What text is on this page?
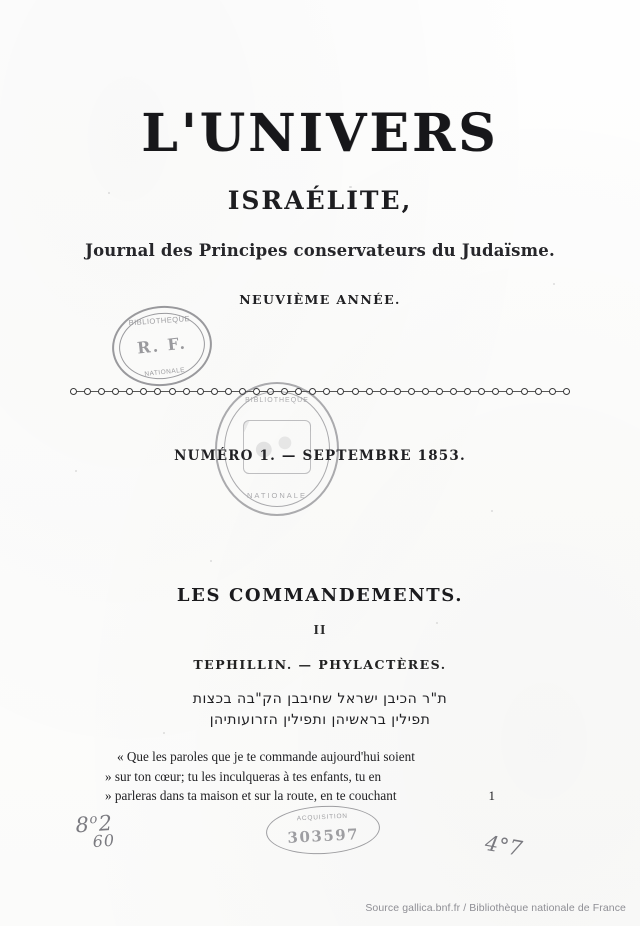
L'UNIVERS
ISRAÉLITE,
Journal des Principes conservateurs du Judaïsme.
NEUVIÈME ANNÉE.
BIBLIOTHEQUE
R. F.
NATIONALE
NUMÉRO 1. — SEPTEMBRE 1853.
BIBLIOTHEQUE
NATIONALE
LES COMMANDEMENTS.
II
TEPHILLIN. — PHYLACTÈRES.
ת"ר הכיבן ישראל שחיבבן הק"בה בכצות
תפילין בראשיהן ותפילין הזרועותיהן
« Que les paroles que je te commande aujourd'hui soient
» sur ton cœur; tu les inculqueras à tes enfants, tu en
» parleras dans ta maison et sur la route, en te couchant	1
ACQUISITION
303597
8$^o$2
60	4°7
Source gallica.bnf.fr / Bibliothèque nationale de France
